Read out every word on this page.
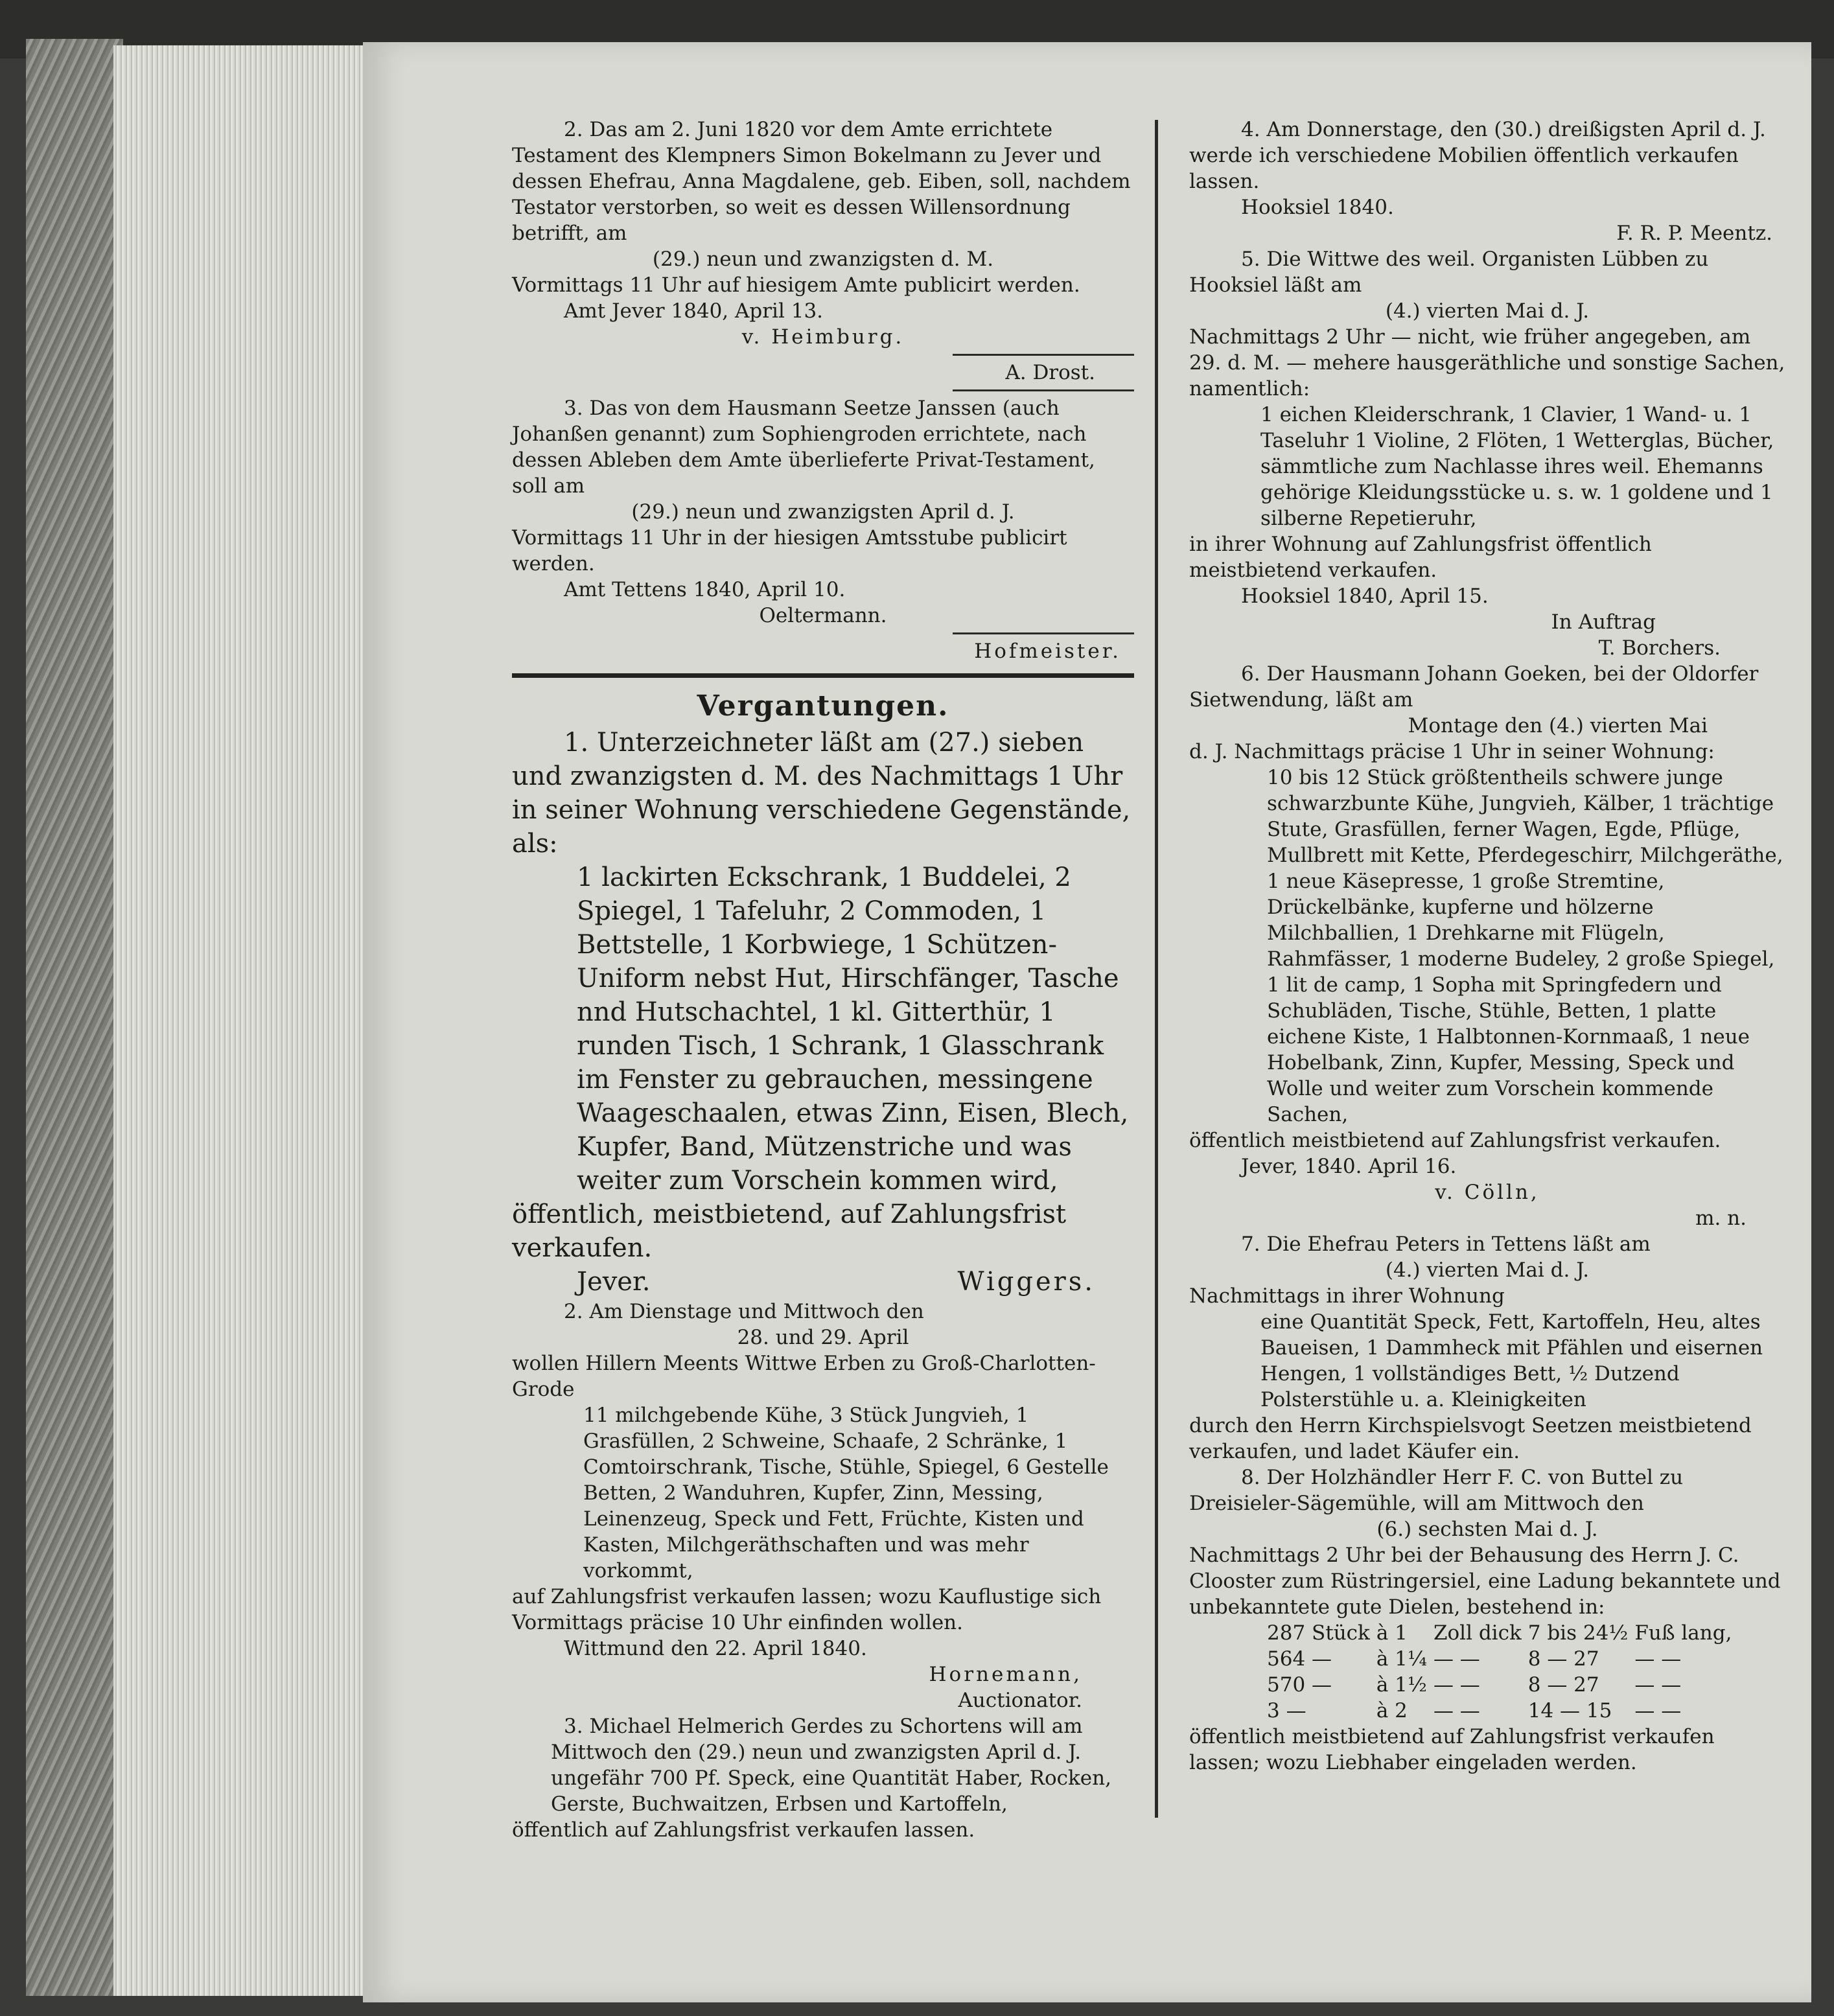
2. Das am 2. Juni 1820 vor dem Amte errichtete Testament des Klempners Simon Bokelmann zu Jever und dessen Ehefrau, Anna Magdalene, geb. Eiben, soll, nachdem Testator verstorben, so weit es dessen Willensordnung betrifft, am

(29.) neun und zwanzigsten d. M.

Vormittags 11 Uhr auf hiesigem Amte publicirt werden.

Amt Jever 1840, April 13.

v. Heimburg.

A. Drost.

3. Das von dem Hausmann Seetze Janssen (auch Johanßen genannt) zum Sophiengroden errichtete, nach dessen Ableben dem Amte überlieferte Privat-Testament, soll am

(29.) neun und zwanzigsten April d. J.

Vormittags 11 Uhr in der hiesigen Amtsstube publicirt werden.

Amt Tettens 1840, April 10.

Oeltermann.

Hofmeister.

Vergantungen.

1. Unterzeichneter läßt am (27.) sieben und zwanzigsten d. M. des Nachmittags 1 Uhr in seiner Wohnung verschiedene Gegenstände, als:

1 lackirten Eckschrank, 1 Buddelei, 2 Spiegel, 1 Tafeluhr, 2 Commoden, 1 Bettstelle, 1 Korbwiege, 1 Schützen-Uniform nebst Hut, Hirschfänger, Tasche nnd Hutschachtel, 1 kl. Gitterthür, 1 runden Tisch, 1 Schrank, 1 Glasschrank im Fenster zu gebrauchen, messingene Waageschaalen, etwas Zinn, Eisen, Blech, Kupfer, Band, Mützenstriche und was weiter zum Vorschein kommen wird,

öffentlich, meistbietend, auf Zahlungsfrist verkaufen.

Jever.	Wiggers.

2. Am Dienstage und Mittwoch den

28. und 29. April

wollen Hillern Meents Wittwe Erben zu Groß-Charlotten-Grode

11 milchgebende Kühe, 3 Stück Jungvieh, 1 Grasfüllen, 2 Schweine, Schaafe, 2 Schränke, 1 Comtoirschrank, Tische, Stühle, Spiegel, 6 Gestelle Betten, 2 Wanduhren, Kupfer, Zinn, Messing, Leinenzeug, Speck und Fett, Früchte, Kisten und Kasten, Milchgeräthschaften und was mehr vorkommt,

auf Zahlungsfrist verkaufen lassen; wozu Kauflustige sich Vormittags präcise 10 Uhr einfinden wollen.

Wittmund den 22. April 1840.

Hornemann,

Auctionator.

3. Michael Helmerich Gerdes zu Schortens will am

Mittwoch den (29.) neun und zwanzigsten April d. J. ungefähr 700 Pf. Speck, eine Quantität Haber, Rocken, Gerste, Buchwaitzen, Erbsen und Kartoffeln,

öffentlich auf Zahlungsfrist verkaufen lassen.

4. Am Donnerstage, den (30.) dreißigsten April d. J. werde ich verschiedene Mobilien öffentlich verkaufen lassen.

Hooksiel 1840.

F. R. P. Meentz.

5. Die Wittwe des weil. Organisten Lübben zu Hooksiel läßt am

(4.) vierten Mai d. J.

Nachmittags 2 Uhr — nicht, wie früher angegeben, am 29. d. M. — mehere hausgeräthliche und sonstige Sachen, namentlich:

1 eichen Kleiderschrank, 1 Clavier, 1 Wand- u. 1 Taseluhr 1 Violine, 2 Flöten, 1 Wetterglas, Bücher, sämmtliche zum Nachlasse ihres weil. Ehemanns gehörige Kleidungsstücke u. s. w. 1 goldene und 1 silberne Repetieruhr,

in ihrer Wohnung auf Zahlungsfrist öffentlich meistbietend verkaufen.

Hooksiel 1840, April 15.

In Auftrag

T. Borchers.

6. Der Hausmann Johann Goeken, bei der Oldorfer Sietwendung, läßt am

Montage den (4.) vierten Mai

d. J. Nachmittags präcise 1 Uhr in seiner Wohnung:

10 bis 12 Stück größtentheils schwere junge schwarzbunte Kühe, Jungvieh, Kälber, 1 trächtige Stute, Grasfüllen, ferner Wagen, Egde, Pflüge, Mullbrett mit Kette, Pferdegeschirr, Milchgeräthe, 1 neue Käsepresse, 1 große Stremtine, Drückelbänke, kupferne und hölzerne Milchballien, 1 Drehkarne mit Flügeln, Rahmfässer, 1 moderne Budeley, 2 große Spiegel, 1 lit de camp, 1 Sopha mit Springfedern und Schubläden, Tische, Stühle, Betten, 1 platte eichene Kiste, 1 Halbtonnen-Kornmaaß, 1 neue Hobelbank, Zinn, Kupfer, Messing, Speck und Wolle und weiter zum Vorschein kommende Sachen,

öffentlich meistbietend auf Zahlungsfrist verkaufen.

Jever, 1840. April 16.

v. Cölln,

m. n.

7. Die Ehefrau Peters in Tettens läßt am

(4.) vierten Mai d. J.

Nachmittags in ihrer Wohnung

eine Quantität Speck, Fett, Kartoffeln, Heu, altes Baueisen, 1 Dammheck mit Pfählen und eisernen Hengen, 1 vollständiges Bett, ½ Dutzend Polsterstühle u. a. Kleinigkeiten

durch den Herrn Kirchspielsvogt Seetzen meistbietend verkaufen, und ladet Käufer ein.

8. Der Holzhändler Herr F. C. von Buttel zu Dreisieler-Sägemühle, will am Mittwoch den

(6.) sechsten Mai d. J.

Nachmittags 2 Uhr bei der Behausung des Herrn J. C. Clooster zum Rüstringersiel, eine Ladung bekanntete und unbekanntete gute Dielen, bestehend in:

287 Stück	à 1	Zoll dick	7 bis 24½	Fuß lang,
564 —	à 1¼	— —	8 — 27	— —
570 —	à 1½	— —	8 — 27	— —
3 —	à 2	— —	14 — 15	— —

öffentlich meistbietend auf Zahlungsfrist verkaufen lassen; wozu Liebhaber eingeladen werden.
